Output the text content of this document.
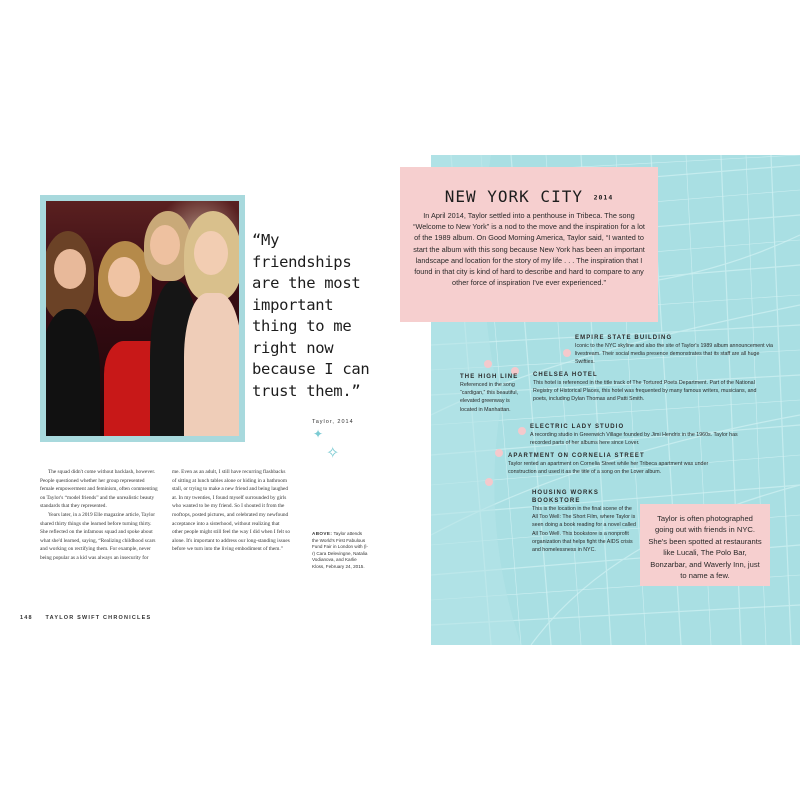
“My friendships are the most important thing to me right now because I can trust them.”
Taylor, 2014
✦
✧

The squad didn't come without backlash, however. People questioned whether her group represented female empowerment and feminism, often commenting on Taylor's “model friends” and the unrealistic beauty standards that they represented.

Years later, in a 2019 Elle magazine article, Taylor shared thirty things she learned before turning thirty. She reflected on the infamous squad and spoke about what she'd learned, saying, “Realizing childhood scars and working on rectifying them. For example, never being popular as a kid was always an insecurity for

me. Even as an adult, I still have recurring flashbacks of sitting at lunch tables alone or hiding in a bathroom stall, or trying to make a new friend and being laughed at. In my twenties, I found myself surrounded by girls who wanted to be my friend. So I shouted it from the rooftops, posted pictures, and celebrated my newfound acceptance into a sisterhood, without realizing that other people might still feel the way I did when I felt so alone. It's important to address our long-standing issues before we turn into the living embodiment of them.”

ABOVE: Taylor attends the World's First Fabulous Fund Fair in London with (l-r) Cara Delevingne, Natalia Vodianova, and Karlie Kloss, February 24, 2015.
148 TAYLOR SWIFT CHRONICLES
NEW YORK CITY 2014
In April 2014, Taylor settled into a penthouse in Tribeca. The song “Welcome to New York” is a nod to the move and the inspiration for a lot of the 1989 album. On Good Morning America, Taylor said, “I wanted to start the album with this song because New York has been an important landscape and location for the story of my life . . . The inspiration that I found in that city is kind of hard to describe and hard to compare to any other force of inspiration I've ever experienced.”
EMPIRE STATE BUILDING
Iconic to the NYC skyline and also the site of Taylor's 1989 album announcement via livestream. Their social media presence demonstrates that its staff are all huge Swifties.
THE HIGH LINE
Referenced in the song “cardigan,” this beautiful, elevated greenway is located in Manhattan.
CHELSEA HOTEL
This hotel is referenced in the title track of The Tortured Poets Department. Part of the National Registry of Historical Places, this hotel was frequented by many famous writers, musicians, and poets, including Dylan Thomas and Patti Smith.
ELECTRIC LADY STUDIO
A recording studio in Greenwich Village founded by Jimi Hendrix in the 1960s. Taylor has recorded parts of her albums here since Lover.
APARTMENT ON CORNELIA STREET
Taylor rented an apartment on Cornelia Street while her Tribeca apartment was under construction and used it as the title of a song on the Lover album.
HOUSING WORKS BOOKSTORE
This is the location in the final scene of the All Too Well: The Short Film, where Taylor is seen doing a book reading for a novel called All Too Well. This bookstore is a nonprofit organization that helps fight the AIDS crisis and homelessness in NYC.
Taylor is often photographed going out with friends in NYC. She's been spotted at restaurants like Lucali, The Polo Bar, Bonzarbar, and Waverly Inn, just to name a few.
